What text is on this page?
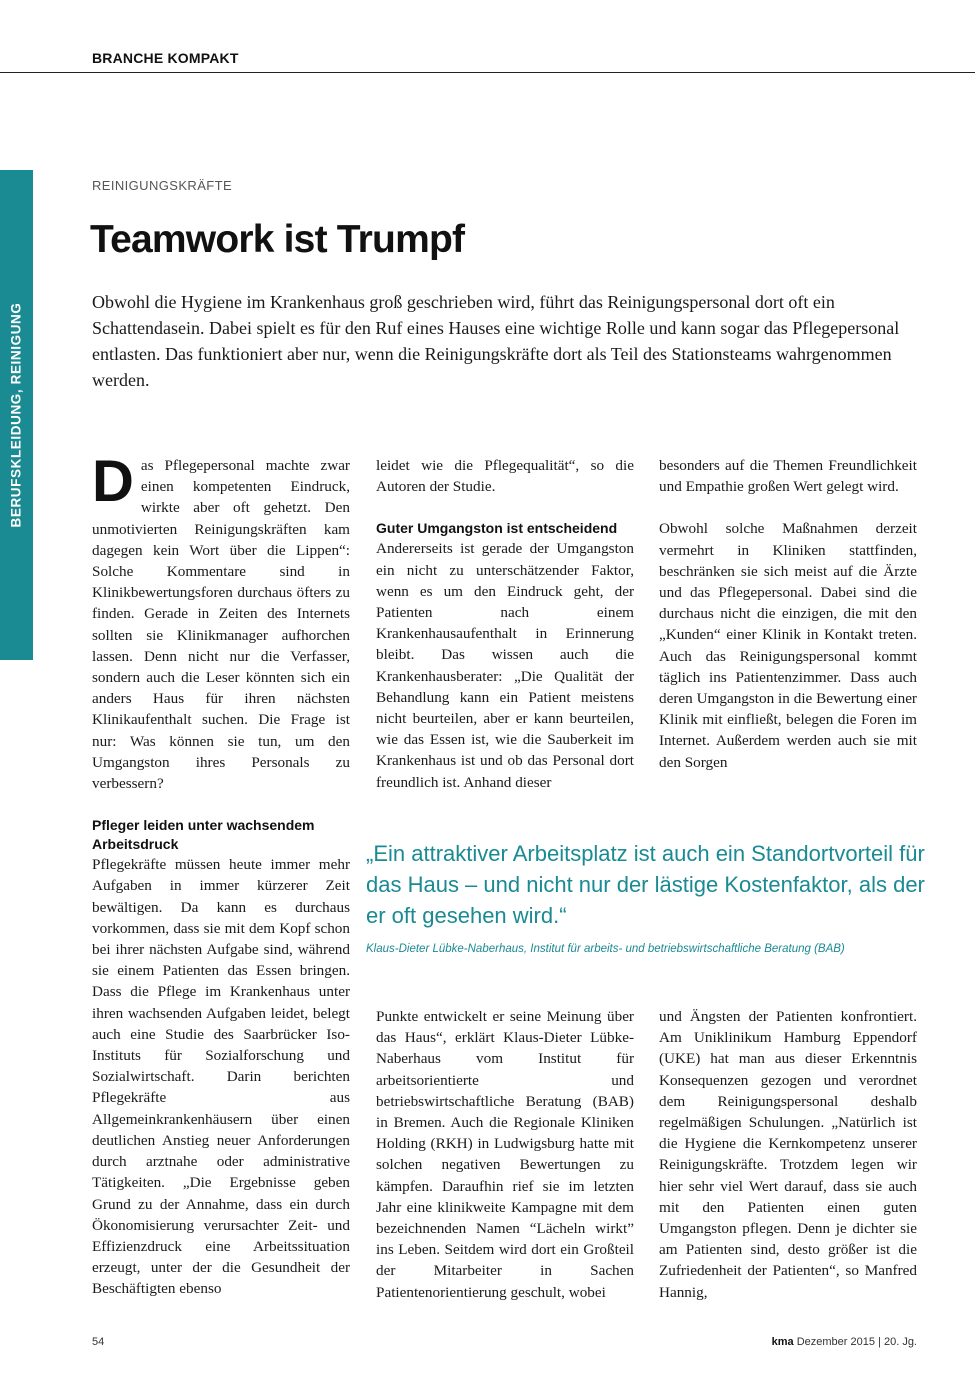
BRANCHE KOMPAKT
BERUFSKLEIDUNG, REINIGUNG
REINIGUNGSKRÄFTE
Teamwork ist Trumpf

Obwohl die Hygiene im Krankenhaus groß geschrieben wird, führt das Reinigungspersonal dort oft ein Schattendasein. Dabei spielt es für den Ruf eines Hauses eine wichtige Rolle und kann sogar das Pflegepersonal entlasten. Das funktioniert aber nur, wenn die Reinigungskräfte dort als Teil des Stationsteams wahrgenommen werden.

Das Pflegepersonal machte zwar einen kompetenten Eindruck, wirkte aber oft gehetzt. Den unmotivierten Reinigungskräften kam dagegen kein Wort über die Lippen“: Solche Kommentare sind in Klinikbewertungsforen durchaus öfters zu finden. Gerade in Zeiten des Internets sollten sie Klinikmanager aufhorchen lassen. Denn nicht nur die Verfasser, sondern auch die Leser könnten sich ein anders Haus für ihren nächsten Klinikaufenthalt suchen. Die Frage ist nur: Was können sie tun, um den Umgangston ihres Personals zu verbessern?

Pfleger leiden unter wachsendem Arbeitsdruck

Pflegekräfte müssen heute immer mehr Aufgaben in immer kürzerer Zeit bewältigen. Da kann es durchaus vorkommen, dass sie mit dem Kopf schon bei ihrer nächsten Aufgabe sind, während sie einem Patienten das Essen bringen. Dass die Pflege im Krankenhaus unter ihren wachsenden Aufgaben leidet, belegt auch eine Studie des Saarbrücker Iso-Instituts für Sozialforschung und Sozialwirtschaft. Darin berichten Pflegekräfte aus Allgemeinkrankenhäusern über einen deutlichen Anstieg neuer Anforderungen durch arztnahe oder administrative Tätigkeiten. „Die Ergebnisse geben Grund zu der Annahme, dass ein durch Ökonomisierung verursachter Zeit- und Effizienzdruck eine Arbeitssituation erzeugt, unter der die Gesundheit der Beschäftigten ebenso

leidet wie die Pflegequalität“, so die Autoren der Studie.

Guter Umgangston ist entscheidend

Andererseits ist gerade der Umgangston ein nicht zu unterschätzender Faktor, wenn es um den Eindruck geht, der Patienten nach einem Krankenhausaufenthalt in Erinnerung bleibt. Das wissen auch die Krankenhausberater: „Die Qualität der Behandlung kann ein Patient meistens nicht beurteilen, aber er kann beurteilen, wie das Essen ist, wie die Sauberkeit im Krankenhaus ist und ob das Personal dort freundlich ist. Anhand dieser

besonders auf die Themen Freundlichkeit und Empathie großen Wert gelegt wird.

Obwohl solche Maßnahmen derzeit vermehrt in Kliniken stattfinden, beschränken sie sich meist auf die Ärzte und das Pflegepersonal. Dabei sind die durchaus nicht die einzigen, die mit den „Kunden“ einer Klinik in Kontakt treten. Auch das Reinigungspersonal kommt täglich ins Patientenzimmer. Dass auch deren Umgangston in die Bewertung einer Klinik mit einfließt, belegen die Foren im Internet. Außerdem werden auch sie mit den Sorgen

„Ein attraktiver Arbeitsplatz ist auch ein Standortvorteil für das Haus – und nicht nur der lästige Kostenfaktor, als der er oft gesehen wird.“

Klaus-Dieter Lübke-Naberhaus, Institut für arbeits- und betriebswirtschaftliche Beratung (BAB)

Punkte entwickelt er seine Meinung über das Haus“, erklärt Klaus-Dieter Lübke-Naberhaus vom Institut für arbeitsorientierte und betriebswirtschaftliche Beratung (BAB) in Bremen. Auch die Regionale Kliniken Holding (RKH) in Ludwigsburg hatte mit solchen negativen Bewertungen zu kämpfen. Daraufhin rief sie im letzten Jahr eine klinikweite Kampagne mit dem bezeichnenden Namen “Lächeln wirkt” ins Leben. Seitdem wird dort ein Großteil der Mitarbeiter in Sachen Patientenorientierung geschult, wobei

und Ängsten der Patienten konfrontiert. Am Uniklinikum Hamburg Eppendorf (UKE) hat man aus dieser Erkenntnis Konsequenzen gezogen und verordnet dem Reinigungspersonal deshalb regelmäßigen Schulungen. „Natürlich ist die Hygiene die Kernkompetenz unserer Reinigungskräfte. Trotzdem legen wir hier sehr viel Wert darauf, dass sie auch mit den Patienten einen guten Umgangston pflegen. Denn je dichter sie am Patienten sind, desto größer ist die Zufriedenheit der Patienten“, so Manfred Hannig,

54	kma Dezember 2015 | 20. Jg.
